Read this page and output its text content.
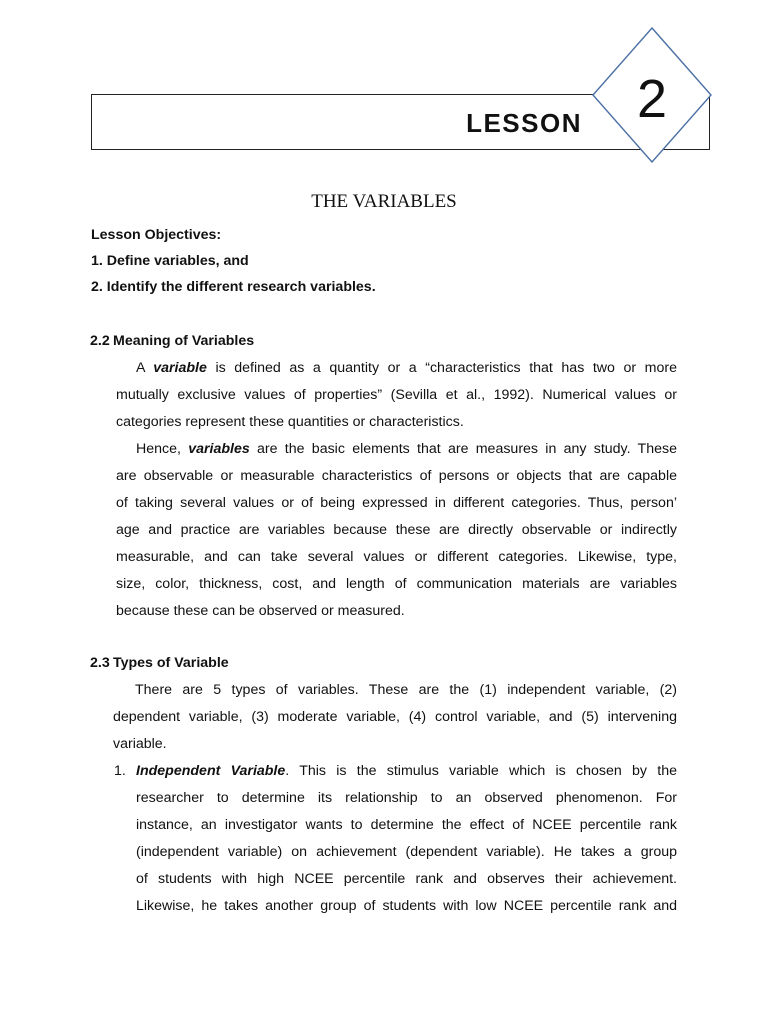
LESSON	2
THE VARIABLES
Lesson Objectives:
1. Define variables, and
2. Identify the different research variables.
2.2 Meaning of Variables
A variable is defined as a quantity or a “characteristics that has two or more
mutually exclusive values of properties” (Sevilla et al., 1992). Numerical values or
categories represent these quantities or characteristics.
Hence, variables are the basic elements that are measures in any study. These
are observable or measurable characteristics of persons or objects that are capable
of taking several values or of being expressed in different categories. Thus, person’
age and practice are variables because these are directly observable or indirectly
measurable, and can take several values or different categories. Likewise, type,
size, color, thickness, cost, and length of communication materials are variables
because these can be observed or measured.
2.3 Types of Variable
There are 5 types of variables. These are the (1) independent variable, (2)
dependent variable, (3) moderate variable, (4) control variable, and (5) intervening
variable.
1. Independent Variable. This is the stimulus variable which is chosen by the
researcher to determine its relationship to an observed phenomenon. For
instance, an investigator wants to determine the effect of NCEE percentile rank
(independent variable) on achievement (dependent variable). He takes a group
of students with high NCEE percentile rank and observes their achievement.
Likewise, he takes another group of students with low NCEE percentile rank and
